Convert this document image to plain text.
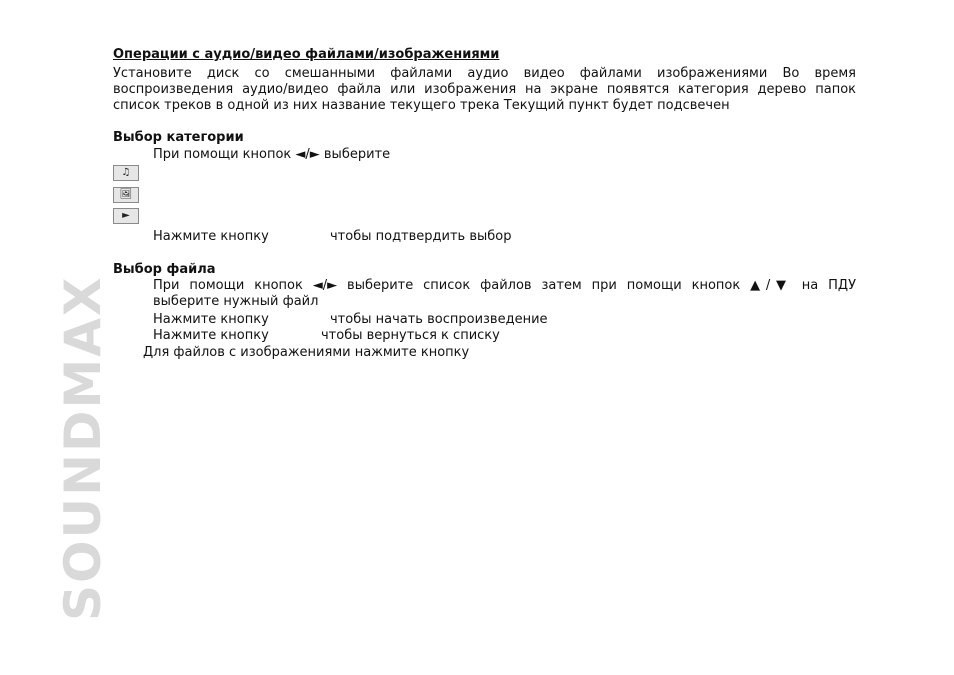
SOUNDMAX
Операции с аудио/видео файлами/изображениями
Установите диск со смешанными файлами аудио видео файлами изображениями Во время
воспроизведения аудио/видео файла или изображения на экране появятся категория дерево папок
список треков в одной из них название текущего трека Текущий пункт будет подсвечен
Выбор категории
При помощи кнопок ◄/► выберите
♫
🖼
►
Нажмите кнопку	чтобы подтвердить выбор
Выбор файла
При помощи кнопок ◄/► выберите список файлов затем при помощи кнопок ▲/▼ на ПДУ
выберите нужный файл
Нажмите кнопку	чтобы начать воспроизведение
Нажмите кнопку	чтобы вернуться к списку
Для файлов с изображениями нажмите кнопку
